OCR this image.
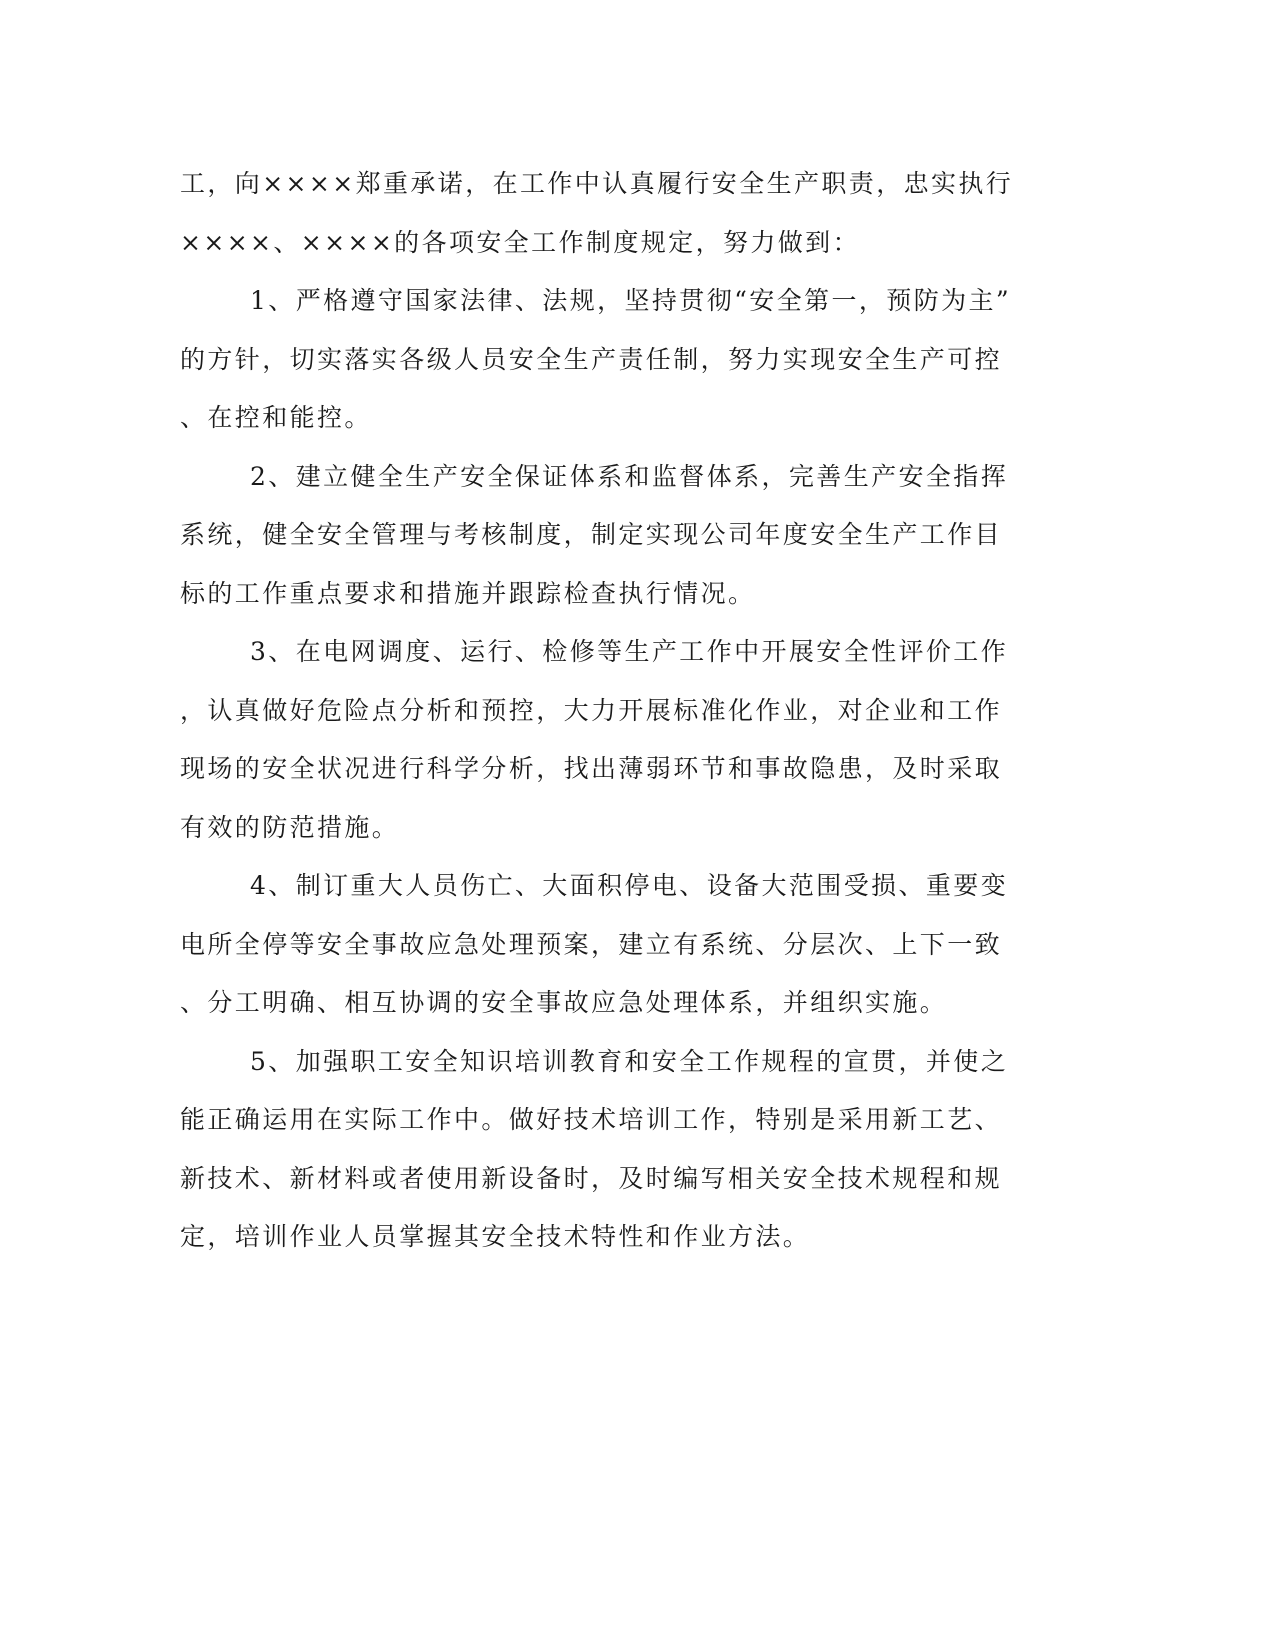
工，向××××郑重承诺，在工作中认真履行安全生产职责，忠实执行
××××、××××的各项安全工作制度规定，努力做到：
1、严格遵守国家法律、法规，坚持贯彻“安全第一，预防为主”
的方针，切实落实各级人员安全生产责任制，努力实现安全生产可控
、在控和能控。
2、建立健全生产安全保证体系和监督体系，完善生产安全指挥
系统，健全安全管理与考核制度，制定实现公司年度安全生产工作目
标的工作重点要求和措施并跟踪检查执行情况。
3、在电网调度、运行、检修等生产工作中开展安全性评价工作
，认真做好危险点分析和预控，大力开展标准化作业，对企业和工作
现场的安全状况进行科学分析，找出薄弱环节和事故隐患，及时采取
有效的防范措施。
4、制订重大人员伤亡、大面积停电、设备大范围受损、重要变
电所全停等安全事故应急处理预案，建立有系统、分层次、上下一致
、分工明确、相互协调的安全事故应急处理体系，并组织实施。
5、加强职工安全知识培训教育和安全工作规程的宣贯，并使之
能正确运用在实际工作中。做好技术培训工作，特别是采用新工艺、
新技术、新材料或者使用新设备时，及时编写相关安全技术规程和规
定，培训作业人员掌握其安全技术特性和作业方法。
